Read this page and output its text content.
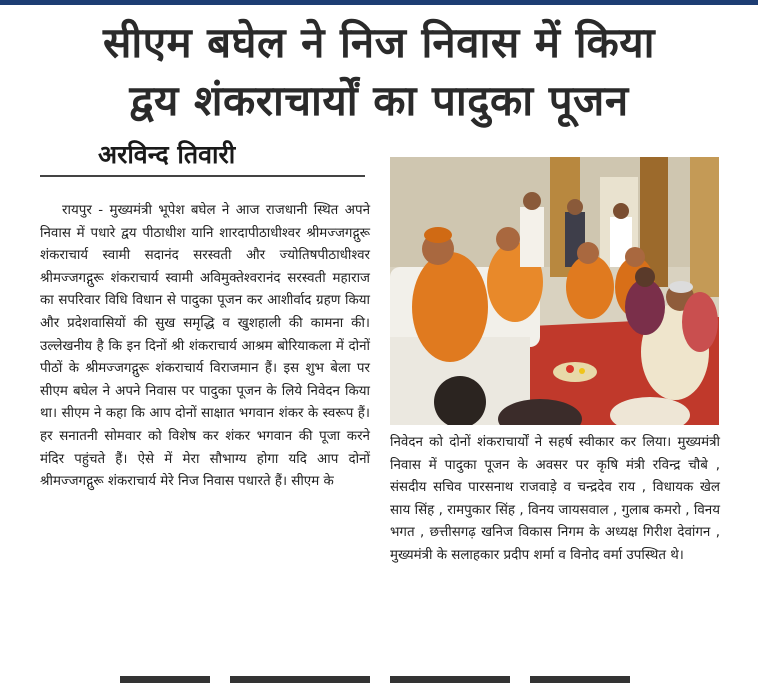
सीएम बघेल ने निज निवास में किया
द्वय शंकराचार्यों का पादुका पूजन
अरविन्द तिवारी

रायपुर - मुख्यमंत्री भूपेश बघेल ने आज राजधानी स्थित अपने निवास में पधारे द्वय पीठाधीश यानि शारदापीठाधीश्वर श्रीमज्जगद्गुरू शंकराचार्य स्वामी सदानंद सरस्वती और ज्योतिषपीठाधीश्वर श्रीमज्जगद्गुरू शंकराचार्य स्वामी अविमुक्तेश्वरानंद सरस्वती महाराज का सपरिवार विधि विधान से पादुका पूजन कर आशीर्वाद ग्रहण किया और प्रदेशवासियों की सुख समृद्धि व खुशहाली की कामना की। उल्लेखनीय है कि इन दिनों श्री शंकराचार्य आश्रम बोरियाकला में दोनों पीठों के श्रीमज्जगद्गुरू शंकराचार्य विराजमान हैं। इस शुभ बेला पर सीएम बघेल ने अपने निवास पर पादुका पूजन के लिये निवेदन किया था। सीएम ने कहा कि आप दोनों साक्षात भगवान शंकर के स्वरूप हैं। हर सनातनी सोमवार को विशेष कर शंकर भगवान की पूजा करने मंदिर पहुंचते हैं। ऐसे में मेरा सौभाग्य होगा यदि आप दोनों श्रीमज्जगद्गुरू शंकराचार्य मेरे निज निवास पधारते हैं। सीएम के

निवेदन को दोनों शंकराचार्यों ने सहर्ष स्वीकार कर लिया। मुख्यमंत्री निवास में पादुका पूजन के अवसर पर कृषि मंत्री रविन्द्र चौबे , संसदीय सचिव पारसनाथ राजवाड़े व चन्द्रदेव राय , विधायक खेल साय सिंह , रामपुकार सिंह , विनय जायसवाल , गुलाब कमरो , विनय भगत , छत्तीसगढ़ खनिज विकास निगम के अध्यक्ष गिरीश देवांगन , मुख्यमंत्री के सलाहकार प्रदीप शर्मा व विनोद वर्मा उपस्थित थे।
